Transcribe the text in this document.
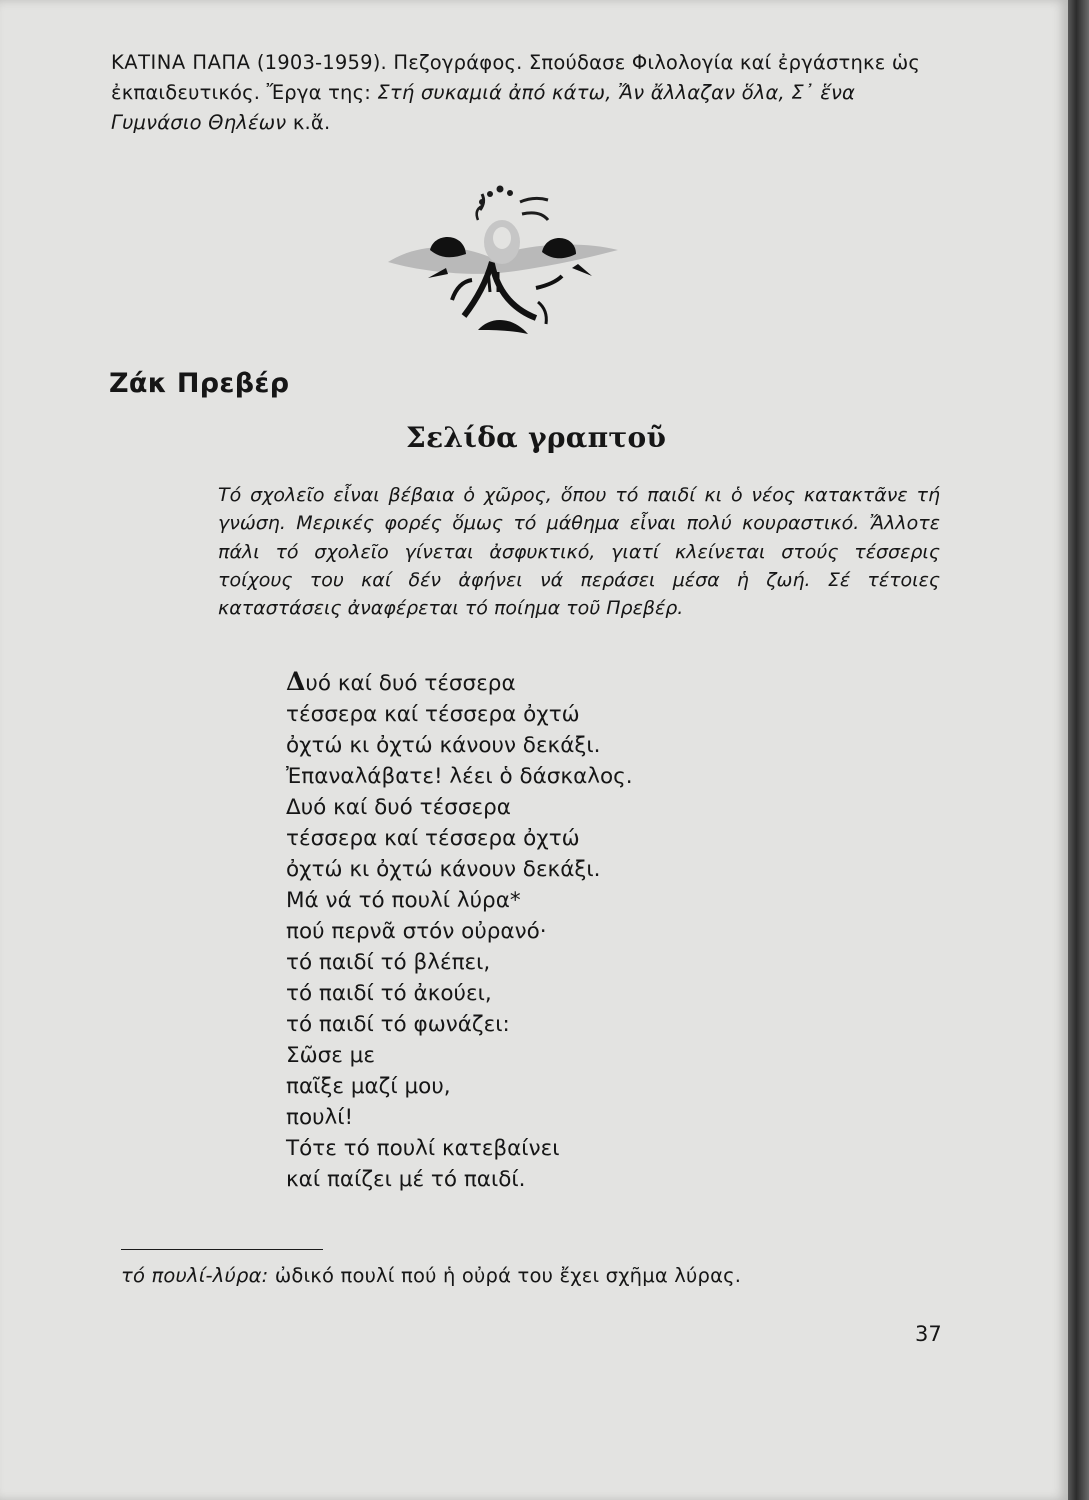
ΚΑΤΙΝΑ ΠΑΠΑ (1903-1959). Πεζογράφος. Σπούδασε Φιλολογία καί ἐργάστηκε ὡς ἐκπαιδευτικός. Ἔργα της: Στή συκαμιά ἀπό κάτω, Ἄν ἄλλαζαν ὅλα, Σ᾽ ἕνα Γυμνάσιο Θηλέων κ.ἄ.
Ζάκ Πρεβέρ
Σελίδα γραπτοῦ
Τό σχολεῖο εἶναι βέβαια ὁ χῶρος, ὅπου τό παιδί κι ὁ νέος κατακτᾶνε τή γνώση. Μερικές φορές ὅμως τό μάθημα εἶναι πολύ κουραστικό. Ἄλλοτε πάλι τό σχολεῖο γίνεται ἀσφυκτικό, γιατί κλείνεται στούς τέσσερις τοίχους του καί δέν ἀφήνει νά περάσει μέσα ἡ ζωή. Σέ τέτοιες καταστάσεις ἀναφέρεται τό ποίημα τοῦ Πρεβέρ.
Δυό καί δυό τέσσερα
τέσσερα καί τέσσερα ὀχτώ
ὀχτώ κι ὀχτώ κάνουν δεκάξι.
Ἐπαναλάβατε! λέει ὁ δάσκαλος.
Δυό καί δυό τέσσερα
τέσσερα καί τέσσερα ὀχτώ
ὀχτώ κι ὀχτώ κάνουν δεκάξι.
Μά νά τό πουλί λύρα*
πού περνᾶ στόν οὐρανό·
τό παιδί τό βλέπει,
τό παιδί τό ἀκούει,
τό παιδί τό φωνάζει:
Σῶσε με
παῖξε μαζί μου,
πουλί!
Τότε τό πουλί κατεβαίνει
καί παίζει μέ τό παιδί.
τό πουλί-λύρα: ὠδικό πουλί πού ἡ οὐρά του ἔχει σχῆμα λύρας.
37
